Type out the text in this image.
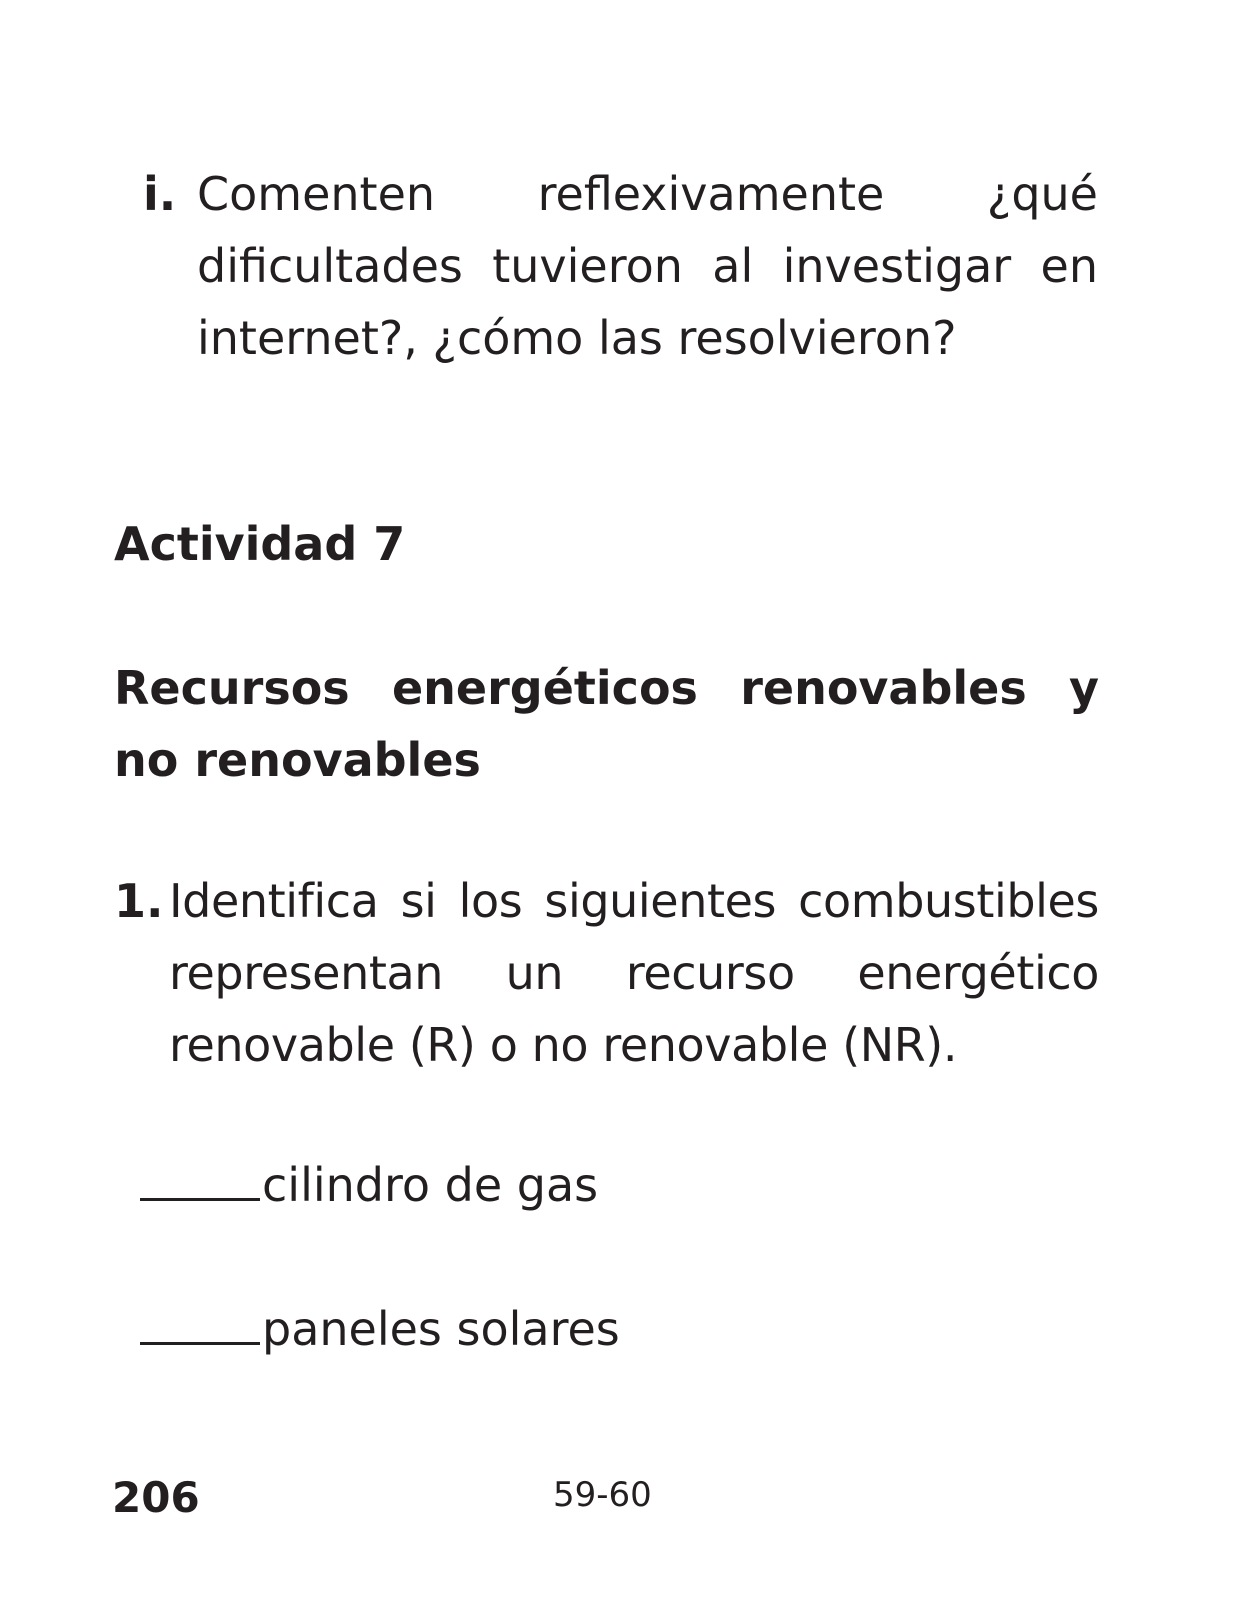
i. Comenten reflexivamente ¿qué dificultades tuvieron al investigar en internet?, ¿cómo las resolvieron?
Actividad 7
Recursos energéticos renovables y no renovables
1. Identifica si los siguientes combustibles representan un recurso energético renovable (R) o no renovable (NR).
cilindro de gas
paneles solares
206	59-60
